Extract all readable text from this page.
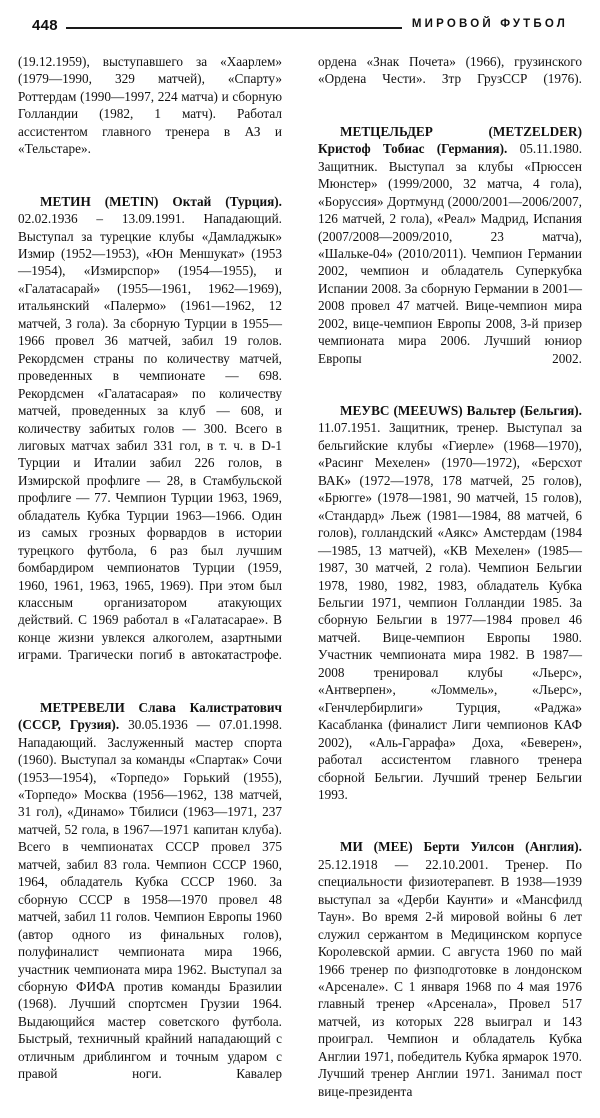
448	МИРОВОЙ ФУТБОЛ

(19.12.1959), выступавшего за «Хаарлем» (1979—1990, 329 матчей), «Спарту» Роттердам (1990—1997, 224 матча) и сборную Голландии (1982, 1 матч). Работал ассистентом главного тренера в АЗ и «Тельстаре».

МЕТИН (METIN) Октай (Турция). 02.02.1936 – 13.09.1991. Нападающий. Выступал за турецкие клубы «Дамладжык» Измир (1952—1953), «Юн Меншукат» (1953—1954), «Измирспор» (1954—1955), и «Галатасарай» (1955—1961, 1962—1969), итальянский «Палермо» (1961—1962, 12 матчей, 3 гола). За сборную Турции в 1955—1966 провел 36 матчей, забил 19 голов. Рекордсмен страны по количеству матчей, проведенных в чемпионате — 698. Рекордсмен «Галатасарая» по количеству матчей, проведенных за клуб — 608, и количеству забитых голов — 300. Всего в лиговых матчах забил 331 гол, в т. ч. в D-1 Турции и Италии забил 226 голов, в Измирской профлиге — 28, в Стамбульской профлиге — 77. Чемпион Турции 1963, 1969, обладатель Кубка Турции 1963—1966. Один из самых грозных форвардов в истории турецкого футбола, 6 раз был лучшим бомбардиром чемпионатов Турции (1959, 1960, 1961, 1963, 1965, 1969). При этом был классным организатором атакующих действий. С 1969 работал в «Галатасарае». В конце жизни увлекся алкоголем, азартными играми. Трагически погиб в автокатастрофе.

МЕТРЕВЕЛИ Слава Калистратович (СССР, Грузия). 30.05.1936 — 07.01.1998. Нападающий. Заслуженный мастер спорта (1960). Выступал за команды «Спартак» Сочи (1953—1954), «Торпедо» Горький (1955), «Торпедо» Москва (1956—1962, 138 матчей, 31 гол), «Динамо» Тбилиси (1963—1971, 237 матчей, 52 гола, в 1967—1971 капитан клуба). Всего в чемпионатах СССР провел 375 матчей, забил 83 гола. Чемпион СССР 1960, 1964, обладатель Кубка СССР 1960. За сборную СССР в 1958—1970 провел 48 матчей, забил 11 голов. Чемпион Европы 1960 (автор одного из финальных голов), полуфиналист чемпионата мира 1966, участник чемпионата мира 1962. Выступал за сборную ФИФА против команды Бразилии (1968). Лучший спортсмен Грузии 1964. Выдающийся мастер советского футбола. Быстрый, техничный крайний нападающий с отличным дриблингом и точным ударом с правой ноги. Кавалер

ордена «Знак Почета» (1966), грузинского «Ордена Чести». Зтр ГрузССР (1976).

МЕТЦЕЛЬДЕР (METZELDER) Кристоф Тобиас (Германия). 05.11.1980. Защитник. Выступал за клубы «Прюссен Мюнстер» (1999/2000, 32 матча, 4 гола), «Боруссия» Дортмунд (2000/2001—2006/2007, 126 матчей, 2 гола), «Реал» Мадрид, Испания (2007/2008—2009/2010, 23 матча), «Шальке-04» (2010/2011). Чемпион Германии 2002, чемпион и обладатель Суперкубка Испании 2008. За сборную Германии в 2001—2008 провел 47 матчей. Вице-чемпион мира 2002, вице-чемпион Европы 2008, 3-й призер чемпионата мира 2006. Лучший юниор Европы 2002.

МЕУВС (MEEUWS) Вальтер (Бельгия). 11.07.1951. Защитник, тренер. Выступал за бельгийские клубы «Гиерле» (1968—1970), «Расинг Мехелен» (1970—1972), «Берсхот ВАК» (1972—1978, 178 матчей, 25 голов), «Брюгге» (1978—1981, 90 матчей, 15 голов), «Стандард» Льеж (1981—1984, 88 матчей, 6 голов), голландский «Аякс» Амстердам (1984—1985, 13 матчей), «КВ Мехелен» (1985—1987, 30 матчей, 2 гола). Чемпион Бельгии 1978, 1980, 1982, 1983, обладатель Кубка Бельгии 1971, чемпион Голландии 1985. За сборную Бельгии в 1977—1984 провел 46 матчей. Вице-чемпион Европы 1980. Участник чемпионата мира 1982. В 1987—2008 тренировал клубы «Льерс», «Антверпен», «Ломмель», «Льерс», «Генчлербирлиги» Турция, «Раджа» Касабланка (финалист Лиги чемпионов КАФ 2002), «Аль-Гаррафа» Доха, «Беверен», работал ассистентом главного тренера сборной Бельгии. Лучший тренер Бельгии 1993.

МИ (MEE) Берти Уилсон (Англия). 25.12.1918 — 22.10.2001. Тренер. По специальности физиотерапевт. В 1938—1939 выступал за «Дерби Каунти» и «Мансфилд Таун». Во время 2-й мировой войны 6 лет служил сержантом в Медицинском корпусе Королевской армии. С августа 1960 по май 1966 тренер по физподготовке в лондонском «Арсенале». С 1 января 1968 по 4 мая 1976 главный тренер «Арсенала», Провел 517 матчей, из которых 228 выиграл и 143 проиграл. Чемпион и обладатель Кубка Англии 1971, победитель Кубка ярмарок 1970. Лучший тренер Англии 1971. Занимал пост вице-президента
